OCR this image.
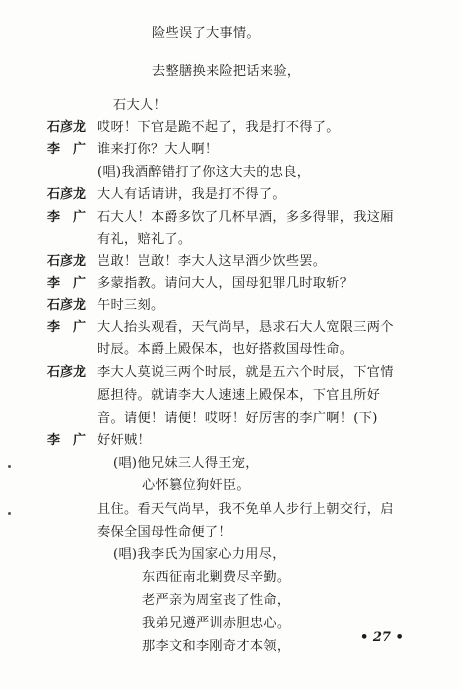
险些误了大事情。
去整膳换来险把话来验，
石大人！
石彦龙 哎呀！下官是跪不起了，我是打不得了。
李　广 谁来打你？大人啊！
(唱)我酒醉错打了你这大夫的忠良，
石彦龙 大人有话请讲，我是打不得了。
李　广 石大人！本爵多饮了几杯早酒，多多得罪，我这厢
有礼，赔礼了。
石彦龙 岂敢！岂敢！李大人这早酒少饮些罢。
李　广 多蒙指教。请问大人，国母犯罪几时取斩？
石彦龙 午时三刻。
李　广 大人抬头观看，天气尚早，恳求石大人宽限三两个
时辰。本爵上殿保本，也好搭救国母性命。
石彦龙 李大人莫说三两个时辰，就是五六个时辰，下官情
愿担待。就请李大人速速上殿保本，下官且所好
音。请便！请便！哎呀！好厉害的李广啊！(下)
李　广 好奸贼！
(唱)他兄妹三人得王宠，
心怀篡位狗奸臣。
且住。看天气尚早，我不免单人步行上朝交行，启
奏保全国母性命便了！
(唱)我李氏为国家心力用尽，
东西征南北剿费尽辛勤。
老严亲为周室丧了性命，
我弟兄遵严训赤胆忠心。
那李文和李刚奇才本领，
• 27 •
